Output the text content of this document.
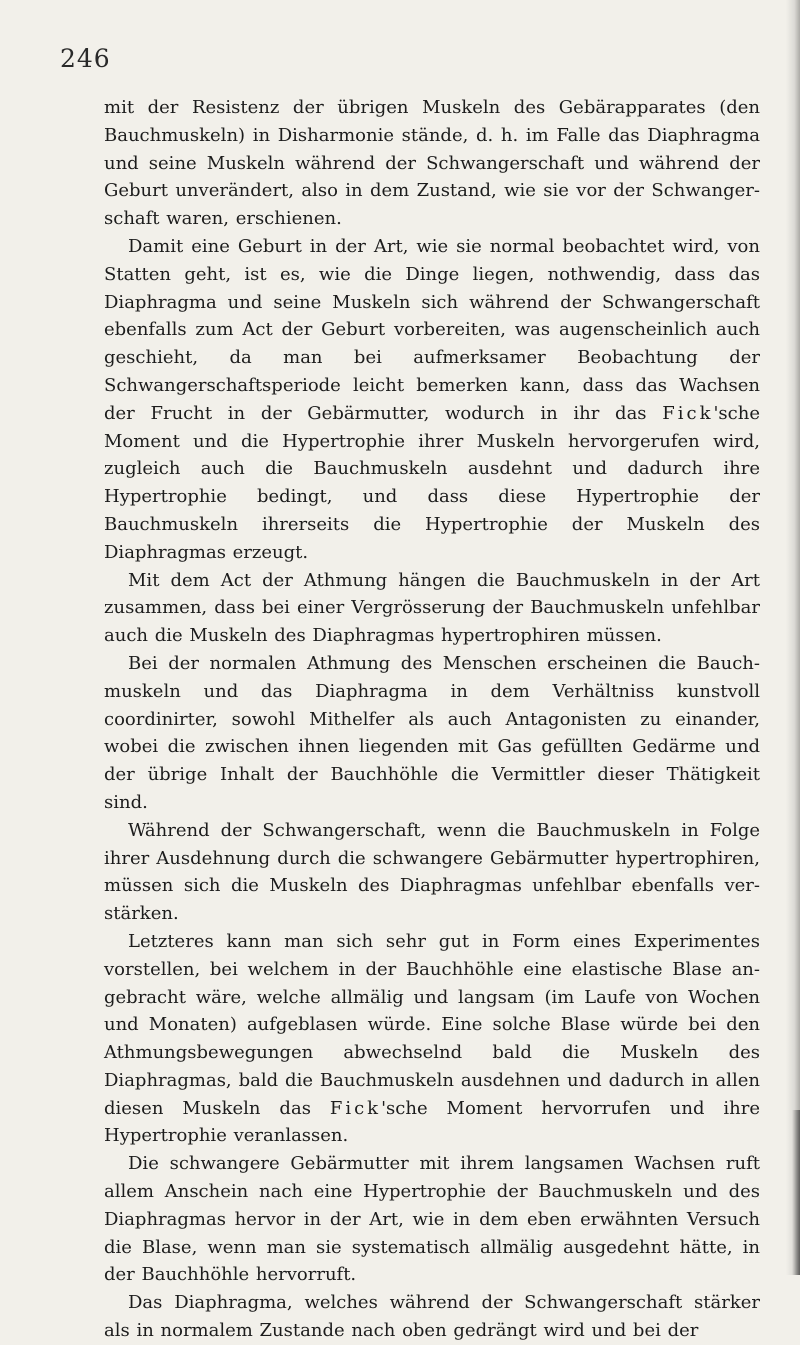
246

mit der Resistenz der übrigen Muskeln des Gebärapparates (den Bauchmuskeln) in Disharmonie stände, d. h. im Falle das Diaphragma und seine Muskeln während der Schwangerschaft und während der Geburt unverändert, also in dem Zustand, wie sie vor der Schwangerschaft waren, erschienen.

Damit eine Geburt in der Art, wie sie normal beobachtet wird, von Statten geht, ist es, wie die Dinge liegen, nothwendig, dass das Diaphragma und seine Muskeln sich während der Schwangerschaft ebenfalls zum Act der Geburt vorbereiten, was augenscheinlich auch geschieht, da man bei aufmerksamer Beobachtung der Schwangerschaftsperiode leicht bemerken kann, dass das Wachsen der Frucht in der Gebärmutter, wodurch in ihr das Fick'sche Moment und die Hypertrophie ihrer Muskeln hervorgerufen wird, zugleich auch die Bauchmuskeln ausdehnt und dadurch ihre Hypertrophie bedingt, und dass diese Hypertrophie der Bauchmuskeln ihrerseits die Hypertrophie der Muskeln des Diaphragmas erzeugt.

Mit dem Act der Athmung hängen die Bauchmuskeln in der Art zusammen, dass bei einer Vergrösserung der Bauchmuskeln unfehlbar auch die Muskeln des Diaphragmas hypertrophiren müssen.

Bei der normalen Athmung des Menschen erscheinen die Bauchmuskeln und das Diaphragma in dem Verhältniss kunstvoll coordinirter, sowohl Mithelfer als auch Antagonisten zu einander, wobei die zwischen ihnen liegenden mit Gas gefüllten Gedärme und der übrige Inhalt der Bauchhöhle die Vermittler dieser Thätigkeit sind.

Während der Schwangerschaft, wenn die Bauchmuskeln in Folge ihrer Ausdehnung durch die schwangere Gebärmutter hypertrophiren, müssen sich die Muskeln des Diaphragmas unfehlbar ebenfalls verstärken.

Letzteres kann man sich sehr gut in Form eines Experimentes vorstellen, bei welchem in der Bauchhöhle eine elastische Blase angebracht wäre, welche allmälig und langsam (im Laufe von Wochen und Monaten) aufgeblasen würde. Eine solche Blase würde bei den Athmungsbewegungen abwechselnd bald die Muskeln des Diaphragmas, bald die Bauchmuskeln ausdehnen und dadurch in allen diesen Muskeln das Fick'sche Moment hervorrufen und ihre Hypertrophie veranlassen.

Die schwangere Gebärmutter mit ihrem langsamen Wachsen ruft allem Anschein nach eine Hypertrophie der Bauchmuskeln und des Diaphragmas hervor in der Art, wie in dem eben erwähnten Versuch die Blase, wenn man sie systematisch allmälig ausgedehnt hätte, in der Bauchhöhle hervorruft.

Das Diaphragma, welches während der Schwangerschaft stärker als in normalem Zustande nach oben gedrängt wird und bei der
